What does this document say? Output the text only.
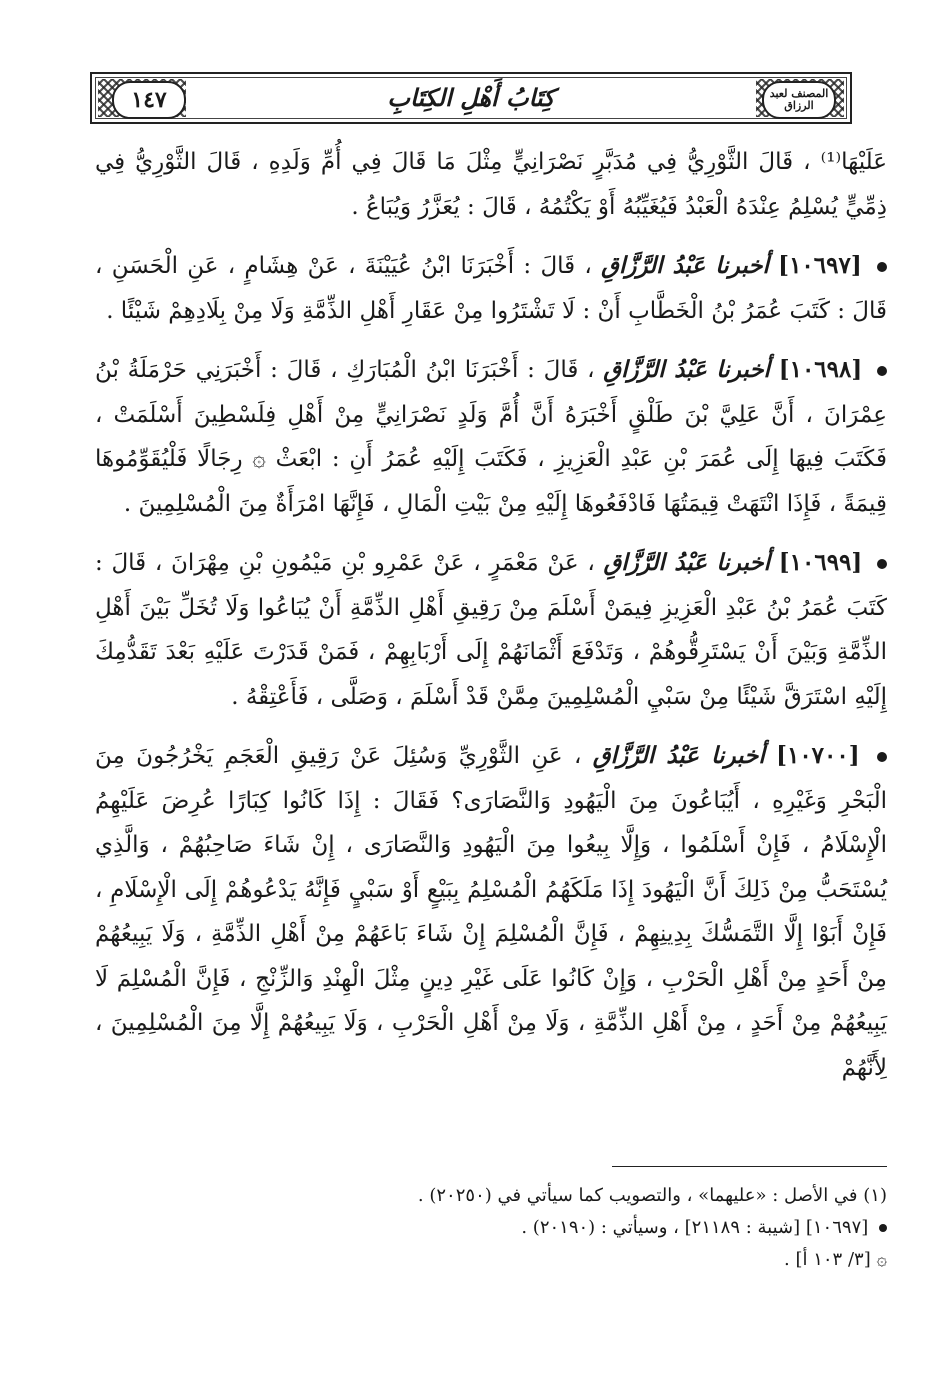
١٤٧	المصنف لعبد الرزاق
كِتَابُ أَهْلِ الكِتَابِ

عَلَيْهَا⁽¹⁾ ، قَالَ الثَّوْرِيُّ فِي مُدَبَّرٍ نَصْرَانِيٍّ مِثْلَ مَا قَالَ فِي أُمِّ وَلَدِهِ ، قَالَ الثَّوْرِيُّ فِي ذِمِّيٍّ يُسْلِمُ عِنْدَهُ الْعَبْدُ فَيُغَيِّبُهُ أَوْ يَكْتُمُهُ ، قَالَ : يُعَزَّرُ وَيُبَاعُ .

[١٠٦٩٧] أخبرنا عَبْدُ الرَّزَّاقِ ، قَالَ : أَخْبَرَنَا ابْنُ عُيَيْنَةَ ، عَنْ هِشَامٍ ، عَنِ الْحَسَنِ ، قَالَ : كَتَبَ عُمَرُ بْنُ الْخَطَّابِ أَنْ : لَا تَشْتَرُوا مِنْ عَقَارِ أَهْلِ الذِّمَّةِ وَلَا مِنْ بِلَادِهِمْ شَيْئًا .

[١٠٦٩٨] أخبرنا عَبْدُ الرَّزَّاقِ ، قَالَ : أَخْبَرَنَا ابْنُ الْمُبَارَكِ ، قَالَ : أَخْبَرَنِي حَرْمَلَةُ بْنُ عِمْرَانَ ، أَنَّ عَلِيَّ بْنَ طَلْقٍ أَخْبَرَهُ أَنَّ أُمَّ وَلَدٍ نَصْرَانِيٍّ مِنْ أَهْلِ فِلَسْطِينَ أَسْلَمَتْ ، فَكَتَبَ فِيهَا إِلَى عُمَرَ بْنِ عَبْدِ الْعَزِيزِ ، فَكَتَبَ إِلَيْهِ عُمَرُ أَنِ : ابْعَثْ ۞ رِجَالًا فَلْيُقَوِّمُوهَا قِيمَةً ، فَإِذَا انْتَهَتْ قِيمَتُهَا فَادْفَعُوهَا إِلَيْهِ مِنْ بَيْتِ الْمَالِ ، فَإِنَّهَا امْرَأَةٌ مِنَ الْمُسْلِمِينَ .

[١٠٦٩٩] أخبرنا عَبْدُ الرَّزَّاقِ ، عَنْ مَعْمَرٍ ، عَنْ عَمْرِو بْنِ مَيْمُونِ بْنِ مِهْرَانَ ، قَالَ : كَتَبَ عُمَرُ بْنُ عَبْدِ الْعَزِيزِ فِيمَنْ أَسْلَمَ مِنْ رَقِيقِ أَهْلِ الذِّمَّةِ أَنْ يُبَاعُوا وَلَا تُخَلِّ بَيْنَ أَهْلِ الذِّمَّةِ وَبَيْنَ أَنْ يَسْتَرِقُّوهُمْ ، وَتَدْفَعَ أَثْمَانَهُمْ إِلَى أَرْبَابِهِمْ ، فَمَنْ قَدَرْتَ عَلَيْهِ بَعْدَ تَقَدُّمِكَ إِلَيْهِ اسْتَرَقَّ شَيْئًا مِنْ سَبْيِ الْمُسْلِمِينَ مِمَّنْ قَدْ أَسْلَمَ ، وَصَلَّى ، فَأَعْتِقْهُ .

[١٠٧٠٠] أخبرنا عَبْدُ الرَّزَّاقِ ، عَنِ الثَّوْرِيِّ وَسُئِلَ عَنْ رَقِيقِ الْعَجَمِ يَخْرُجُونَ مِنَ الْبَحْرِ وَغَيْرِهِ ، أَيُبَاعُونَ مِنَ الْيَهُودِ وَالنَّصَارَى؟ فَقَالَ : إِذَا كَانُوا كِبَارًا عُرِضَ عَلَيْهِمُ الْإِسْلَامُ ، فَإِنْ أَسْلَمُوا ، وَإِلَّا بِيعُوا مِنَ الْيَهُودِ وَالنَّصَارَى ، إِنْ شَاءَ صَاحِبُهُمْ ، وَالَّذِي يُسْتَحَبُّ مِنْ ذَلِكَ أَنَّ الْيَهُودَ إِذَا مَلَكَهُمُ الْمُسْلِمُ بِبَيْعٍ أَوْ سَبْيٍ فَإِنَّهُ يَدْعُوهُمْ إِلَى الْإِسْلَامِ ، فَإِنْ أَبَوْا إِلَّا التَّمَسُّكَ بِدِينِهِمْ ، فَإِنَّ الْمُسْلِمَ إِنْ شَاءَ بَاعَهُمْ مِنْ أَهْلِ الذِّمَّةِ ، وَلَا يَبِيعُهُمْ مِنْ أَحَدٍ مِنْ أَهْلِ الْحَرْبِ ، وَإِنْ كَانُوا عَلَى غَيْرِ دِينٍ مِثْلَ الْهِنْدِ وَالزِّنْجِ ، فَإِنَّ الْمُسْلِمَ لَا يَبِيعُهُمْ مِنْ أَحَدٍ ، مِنْ أَهْلِ الذِّمَّةِ ، وَلَا مِنْ أَهْلِ الْحَرْبِ ، وَلَا يَبِيعُهُمْ إِلَّا مِنَ الْمُسْلِمِينَ ، لِأَنَّهُمْ

(١) في الأصل : «عليهما» ، والتصويب كما سيأتي في (٢٠٢٥٠) .

[١٠٦٩٧] [شيبة : ٢١١٨٩] ، وسيأتي : (٢٠١٩٠) .

۞ [٣/ ١٠٣ أ] .
